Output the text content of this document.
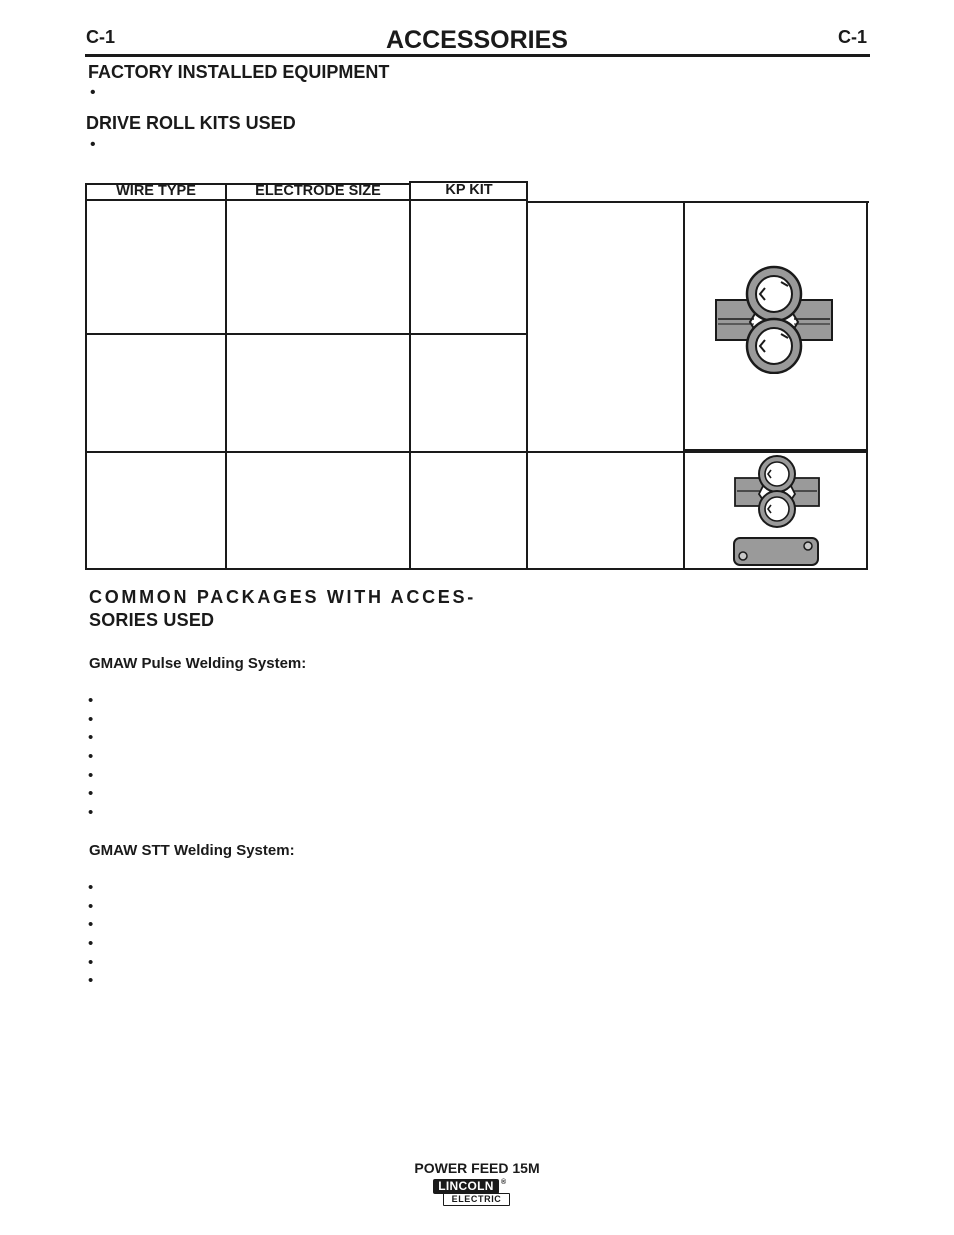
C-1	ACCESSORIES	C-1
FACTORY INSTALLED EQUIPMENT
•
DRIVE ROLL KITS USED
•
WIRE TYPE	ELECTRODE SIZE	KP KIT
COMMON PACKAGES WITH ACCES-
SORIES USED
GMAW Pulse Welding System:
•
•
•
•
•
•
•
GMAW STT Welding System:
•
•
•
•
•
•
POWER FEED 15M
LINCOLN	®
ELECTRIC
